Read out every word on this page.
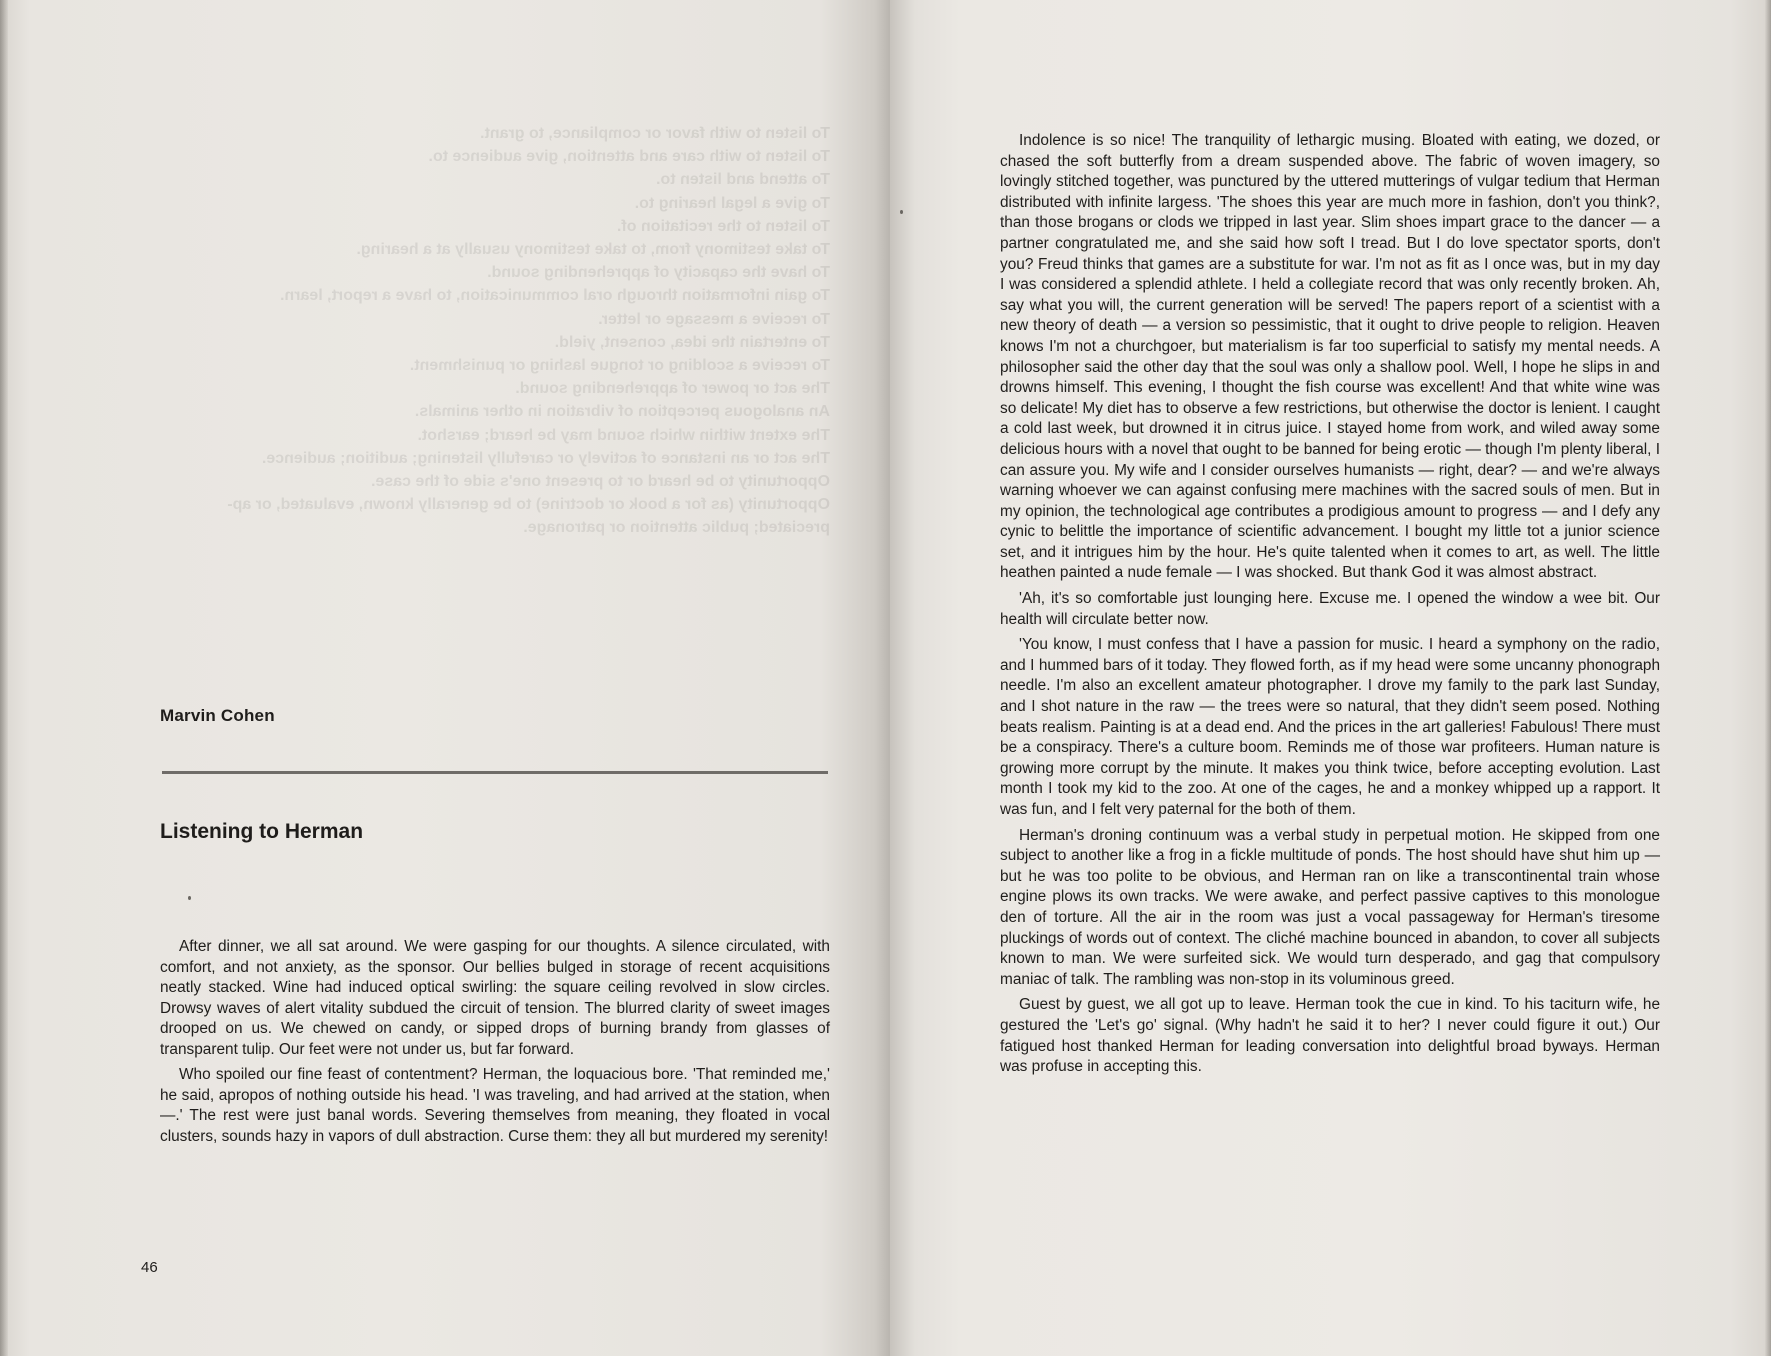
To listen to with favor or compliance, to grant.
To listen to with care and attention, give audience to.
To attend and listen to.
To give a legal hearing to.
To listen to the recitation of.
To take testimony from, to take testimony usually at a hearing.
To have the capacity of apprehending sound.
To gain information through oral communication, to have a report, learn.
To receive a message or letter.
To entertain the idea, consent, yield.
To receive a scolding or tongue lashing or punishment.
The act or power of apprehending sound.
An analogous perception of vibration in other animals.
The extent within which sound may be heard; earshot.
The act or an instance of actively or carefully listening; audition; audience.
Opportunity to be heard or to present one's side of the case.
Opportunity (as for a book or doctrine) to be generally known, evaluated, or ap-
preciated; public attention or patronage.
Marvin Cohen
Listening to Herman

After dinner, we all sat around. We were gasping for our thoughts. A silence circulated, with comfort, and not anxiety, as the sponsor. Our bellies bulged in storage of recent acquisitions neatly stacked. Wine had induced optical swirling: the square ceiling revolved in slow circles. Drowsy waves of alert vitality subdued the circuit of tension. The blurred clarity of sweet images drooped on us. We chewed on candy, or sipped drops of burning brandy from glasses of transparent tulip. Our feet were not under us, but far forward.

Who spoiled our fine feast of contentment? Herman, the loquacious bore. 'That reminded me,' he said, apropos of nothing outside his head. 'I was traveling, and had arrived at the station, when —.' The rest were just banal words. Severing themselves from meaning, they floated in vocal clusters, sounds hazy in vapors of dull abstraction. Curse them: they all but murdered my serenity!

46

Indolence is so nice! The tranquility of lethargic musing. Bloated with eating, we dozed, or chased the soft butterfly from a dream suspended above. The fabric of woven imagery, so lovingly stitched together, was punctured by the uttered mutterings of vulgar tedium that Herman distributed with infinite largess. 'The shoes this year are much more in fashion, don't you think?, than those brogans or clods we tripped in last year. Slim shoes impart grace to the dancer — a partner congratulated me, and she said how soft I tread. But I do love spectator sports, don't you? Freud thinks that games are a substitute for war. I'm not as fit as I once was, but in my day I was considered a splendid athlete. I held a collegiate record that was only recently broken. Ah, say what you will, the current generation will be served! The papers report of a scientist with a new theory of death — a version so pessimistic, that it ought to drive people to religion. Heaven knows I'm not a churchgoer, but materialism is far too superficial to satisfy my mental needs. A philosopher said the other day that the soul was only a shallow pool. Well, I hope he slips in and drowns himself. This evening, I thought the fish course was excellent! And that white wine was so delicate! My diet has to observe a few restrictions, but otherwise the doctor is lenient. I caught a cold last week, but drowned it in citrus juice. I stayed home from work, and wiled away some delicious hours with a novel that ought to be banned for being erotic — though I'm plenty liberal, I can assure you. My wife and I consider ourselves humanists — right, dear? — and we're always warning whoever we can against confusing mere machines with the sacred souls of men. But in my opinion, the technological age contributes a prodigious amount to progress — and I defy any cynic to belittle the importance of scientific advancement. I bought my little tot a junior science set, and it intrigues him by the hour. He's quite talented when it comes to art, as well. The little heathen painted a nude female — I was shocked. But thank God it was almost abstract.

'Ah, it's so comfortable just lounging here. Excuse me. I opened the window a wee bit. Our health will circulate better now.

'You know, I must confess that I have a passion for music. I heard a symphony on the radio, and I hummed bars of it today. They flowed forth, as if my head were some uncanny phonograph needle. I'm also an excellent amateur photographer. I drove my family to the park last Sunday, and I shot nature in the raw — the trees were so natural, that they didn't seem posed. Nothing beats realism. Painting is at a dead end. And the prices in the art galleries! Fabulous! There must be a conspiracy. There's a culture boom. Reminds me of those war profiteers. Human nature is growing more corrupt by the minute. It makes you think twice, before accepting evolution. Last month I took my kid to the zoo. At one of the cages, he and a monkey whipped up a rapport. It was fun, and I felt very paternal for the both of them.

Herman's droning continuum was a verbal study in perpetual motion. He skipped from one subject to another like a frog in a fickle multitude of ponds. The host should have shut him up — but he was too polite to be obvious, and Herman ran on like a transcontinental train whose engine plows its own tracks. We were awake, and perfect passive captives to this monologue den of torture. All the air in the room was just a vocal passageway for Herman's tiresome pluckings of words out of context. The cliché machine bounced in abandon, to cover all subjects known to man. We were surfeited sick. We would turn desperado, and gag that compulsory maniac of talk. The rambling was non-stop in its voluminous greed.

Guest by guest, we all got up to leave. Herman took the cue in kind. To his taciturn wife, he gestured the 'Let's go' signal. (Why hadn't he said it to her? I never could figure it out.) Our fatigued host thanked Herman for leading conversation into delightful broad byways. Herman was profuse in accepting this.
